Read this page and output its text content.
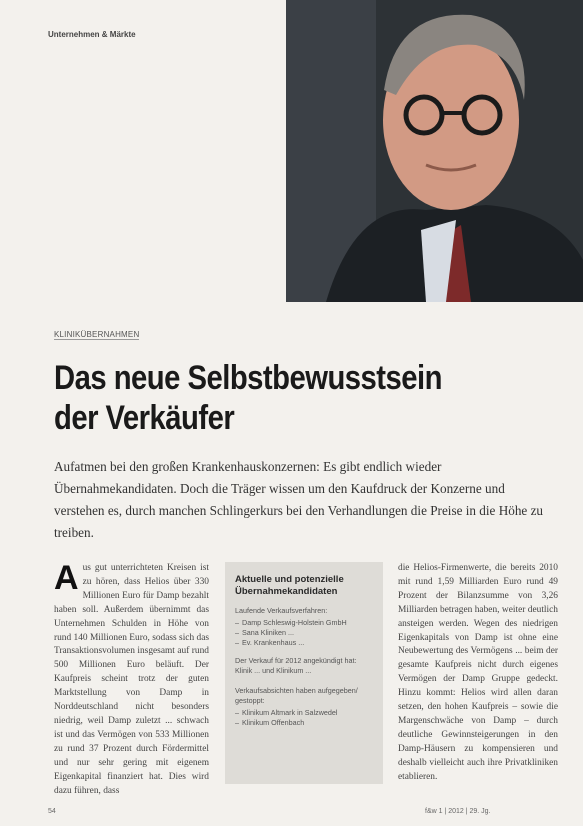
Unternehmen & Märkte
KLINIKÜBERNAHMEN
Das neue Selbstbewusstsein der Verkäufer

Aufatmen bei den großen Krankenhauskonzernen: Es gibt endlich wieder Übernahmekandidaten. Doch die Träger wissen um den Kaufdruck der Konzerne und verstehen es, durch manchen Schlingerkurs bei den Verhandlungen die Preise in die Höhe zu treiben.

A us gut unterrichteten Kreisen ist zu hören, dass Helios über 330 Millionen Euro für Damp bezahlt haben soll. Außerdem übernimmt das Unternehmen Schulden in Höhe von rund 140 Millionen Euro, sodass sich das Transaktionsvolumen insgesamt auf rund 500 Millionen Euro beläuft. Der Kaufpreis scheint trotz der guten Marktstellung von Damp in Norddeutschland nicht besonders niedrig, weil Damp zuletzt ... schwach ist und das Vermögen von 533 Millionen zu rund 37 Prozent durch Fördermittel und nur sehr gering mit eigenem Eigenkapital finanziert hat. Dies wird dazu führen, dass
Aktuelle und potenzielle Übernahmekandidaten
Laufende Verkaufsverfahren:
– Damp Schleswig-Holstein GmbH
– Sana Kliniken ...
– Ev. Krankenhaus ...
Der Verkauf für 2012 angekündigt hat: Klinik ... und Klinikum ...
Verkaufsabsichten haben aufgegeben/ gestoppt:
– Klinikum Altmark in Salzwedel
– Klinikum Offenbach
die Helios-Firmenwerte, die bereits 2010 mit rund 1,59 Milliarden Euro rund 49 Prozent der Bilanzsumme von 3,26 Milliarden betragen haben, weiter deutlich ansteigen werden. Wegen des niedrigen Eigenkapitals von Damp ist ohne eine Neubewertung des Vermögens ... beim der gesamte Kaufpreis nicht durch eigenes Vermögen der Damp Gruppe gedeckt. Hinzu kommt: Helios wird allen daran setzen, den hohen Kaufpreis – sowie die Margenschwäche von Damp – durch deutliche Gewinnsteigerungen in den Damp-Häusern zu kompensieren und deshalb vielleicht auch ihre Privatkliniken etablieren.
54	f&w 1 | 2012 | 29. Jg.
